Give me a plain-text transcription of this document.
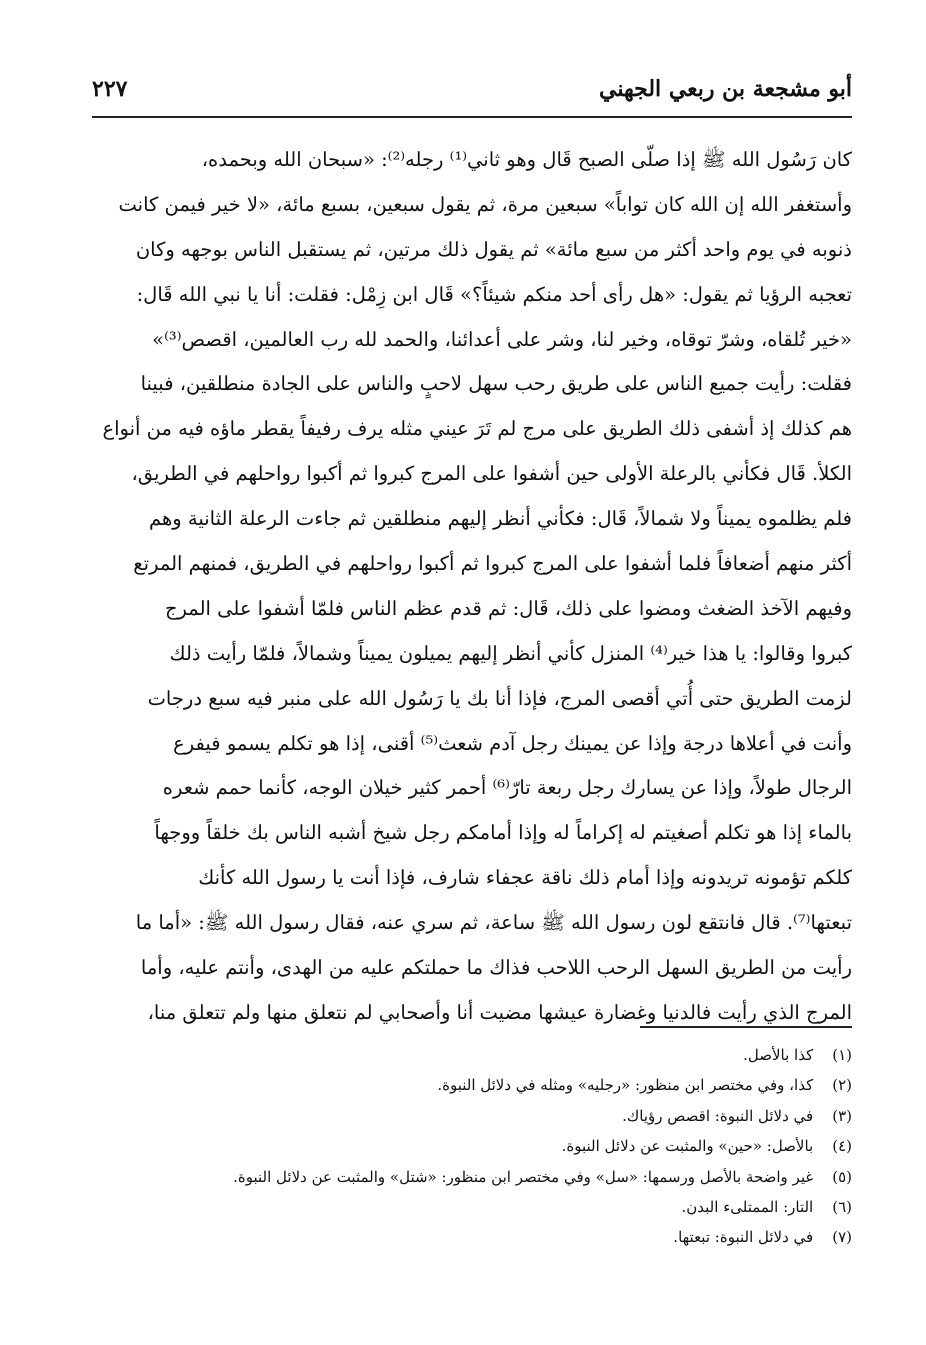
أبو مشجعة بن ربعي الجهني
٢٢٧
كان رَسُول الله ﷺ إذا صلّى الصبح قَال وهو ثاني⁽¹⁾ رجله⁽²⁾: «سبحان الله وبحمده،
وأستغفر الله إن الله كان تواباً» سبعين مرة، ثم يقول سبعين، بسبع مائة، «لا خير فيمن كانت
ذنوبه في يوم واحد أكثر من سبع مائة» ثم يقول ذلك مرتين، ثم يستقبل الناس بوجهه وكان
تعجبه الرؤيا ثم يقول: «هل رأى أحد منكم شيئاً؟» قَال ابن زِمْل: فقلت: أنا يا نبي الله قَال:
«خير تُلقاه، وشرّ توقاه، وخير لنا، وشر على أعدائنا، والحمد لله رب العالمين، اقصص⁽³⁾»
فقلت: رأيت جميع الناس على طريق رحب سهل لاحبٍ والناس على الجادة منطلقين، فبينا
هم كذلك إذ أشفى ذلك الطريق على مرج لم تَرَ عيني مثله يرف رفيفاً يقطر ماؤه فيه من أنواع
الكلأ. قَال فكأني بالرعلة الأولى حين أشفوا على المرج كبروا ثم أكبوا رواحلهم في الطريق،
فلم يظلموه يميناً ولا شمالاً، قَال: فكأني أنظر إليهم منطلقين ثم جاءت الرعلة الثانية وهم
أكثر منهم أضعافاً فلما أشفوا على المرج كبروا ثم أكبوا رواحلهم في الطريق، فمنهم المرتع
وفيهم الآخذ الضغث ومضوا على ذلك، قَال: ثم قدم عظم الناس فلمّا أشفوا على المرج
كبروا وقالوا: يا هذا خير⁽⁴⁾ المنزل كأني أنظر إليهم يميلون يميناً وشمالاً، فلمّا رأيت ذلك
لزمت الطريق حتى أُتي أقصى المرج، فإذا أنا بك يا رَسُول الله على منبر فيه سبع درجات
وأنت في أعلاها درجة وإذا عن يمينك رجل آدم شعث⁽⁵⁾ أقنى، إذا هو تكلم يسمو فيفرع
الرجال طولاً، وإذا عن يسارك رجل ربعة تارّ⁽⁶⁾ أحمر كثير خيلان الوجه، كأنما حمم شعره
بالماء إذا هو تكلم أصغيتم له إكراماً له وإذا أمامكم رجل شيخ أشبه الناس بك خلقاً ووجهاً
كلكم تؤمونه تريدونه وإذا أمام ذلك ناقة عجفاء شارف، فإذا أنت يا رسول الله كأنك
تبعتها⁽⁷⁾. قال فانتقع لون رسول الله ﷺ ساعة، ثم سري عنه، فقال رسول الله ﷺ: «أما ما
رأيت من الطريق السهل الرحب اللاحب فذاك ما حملتكم عليه من الهدى، وأنتم عليه، وأما
المرج الذي رأيت فالدنيا وغضارة عيشها مضيت أنا وأصحابي لم نتعلق منها ولم تتعلق منا،
(١) كذا بالأصل.
(٢) كذا، وفي مختصر ابن منظور: «رجليه» ومثله في دلائل النبوة.
(٣) في دلائل النبوة: اقصص رؤياك.
(٤) بالأصل: «حين» والمثبت عن دلائل النبوة.
(٥) غير واضحة بالأصل ورسمها: «سل» وفي مختصر ابن منظور: «شتل» والمثبت عن دلائل النبوة.
(٦) التار: الممتلىء البدن.
(٧) في دلائل النبوة: تبعتها.
